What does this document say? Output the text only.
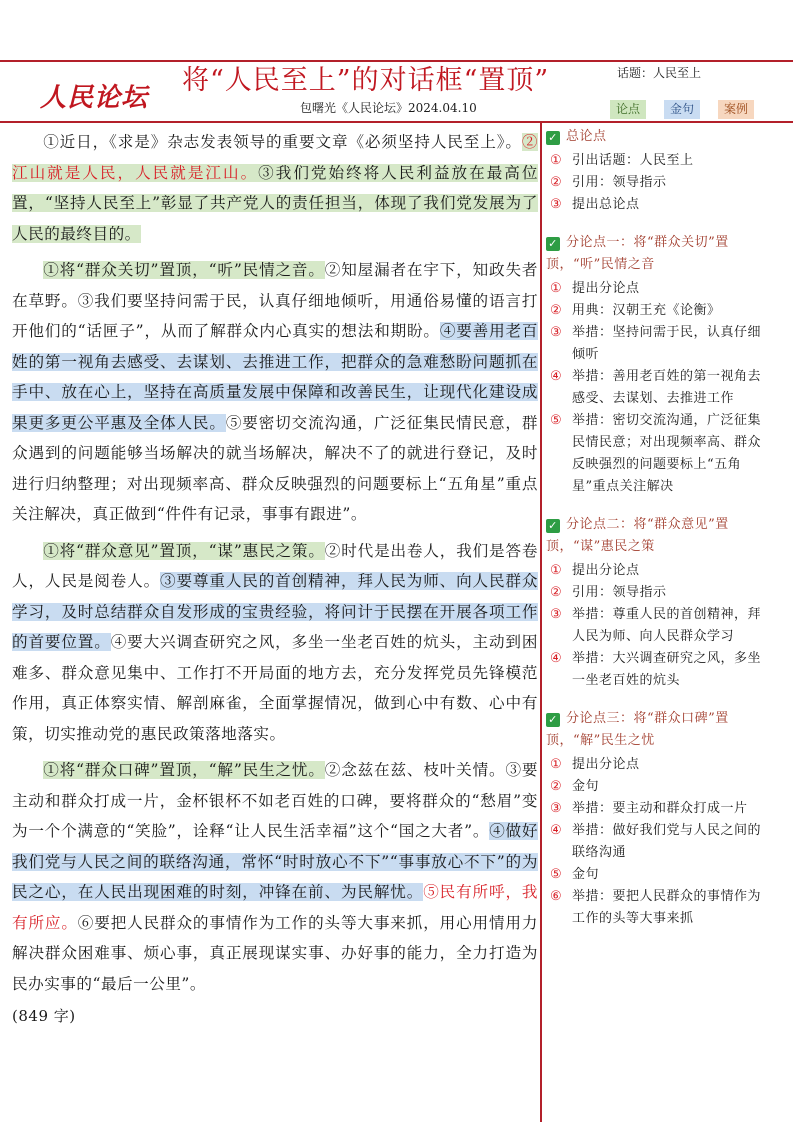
人民论坛
将“人民至上”的对话框“置顶”
包曙光《人民论坛》2024.04.10
话题：人民至上
论点	金句	案例

①近日，《求是》杂志发表领导的重要文章《必须坚持人民至上》。②江山就是人民，人民就是江山。③我们党始终将人民利益放在最高位置，“坚持人民至上”彰显了共产党人的责任担当，体现了我们党发展为了人民的最终目的。

①将“群众关切”置顶，“听”民情之音。②知屋漏者在宇下，知政失者在草野。③我们要坚持问需于民，认真仔细地倾听，用通俗易懂的语言打开他们的“话匣子”，从而了解群众内心真实的想法和期盼。④要善用老百姓的第一视角去感受、去谋划、去推进工作，把群众的急难愁盼问题抓在手中、放在心上，坚持在高质量发展中保障和改善民生，让现代化建设成果更多更公平惠及全体人民。⑤要密切交流沟通，广泛征集民情民意，群众遇到的问题能够当场解决的就当场解决，解决不了的就进行登记，及时进行归纳整理；对出现频率高、群众反映强烈的问题要标上“五角星”重点关注解决，真正做到“件件有记录，事事有跟进”。

①将“群众意见”置顶，“谋”惠民之策。②时代是出卷人，我们是答卷人，人民是阅卷人。③要尊重人民的首创精神，拜人民为师、向人民群众学习，及时总结群众自发形成的宝贵经验，将问计于民摆在开展各项工作的首要位置。④要大兴调查研究之风，多坐一坐老百姓的炕头，主动到困难多、群众意见集中、工作打不开局面的地方去，充分发挥党员先锋模范作用，真正体察实情、解剖麻雀，全面掌握情况，做到心中有数、心中有策，切实推动党的惠民政策落地落实。

①将“群众口碑”置顶，“解”民生之忧。②念兹在兹、枝叶关情。③要主动和群众打成一片，金杯银杯不如老百姓的口碑，要将群众的“愁眉”变为一个个满意的“笑脸”，诠释“让人民生活幸福”这个“国之大者”。④做好我们党与人民之间的联络沟通，常怀“时时放心不下”“事事放心不下”的为民之心，在人民出现困难的时刻，冲锋在前、为民解忧。⑤民有所呼，我有所应。⑥要把人民群众的事情作为工作的头等大事来抓，用心用情用力解决群众困难事、烦心事，真正展现谋实事、办好事的能力，全力打造为民办实事的“最后一公里”。

(849 字)
✓ 总论点
① 引出话题：人民至上
② 引用：领导指示
③ 提出总论点
✓ 分论点一：将“群众关切”置顶，“听”民情之音
① 提出分论点
② 用典：汉朝王充《论衡》
③ 举措：坚持问需于民，认真仔细倾听
④ 举措：善用老百姓的第一视角去感受、去谋划、去推进工作
⑤ 举措：密切交流沟通，广泛征集民情民意；对出现频率高、群众反映强烈的问题要标上“五角星”重点关注解决
✓ 分论点二：将“群众意见”置顶，“谋”惠民之策
① 提出分论点
② 引用：领导指示
③ 举措：尊重人民的首创精神，拜人民为师、向人民群众学习
④ 举措：大兴调查研究之风，多坐一坐老百姓的炕头
✓ 分论点三：将“群众口碑”置顶，“解”民生之忧
① 提出分论点
② 金句
③ 举措：要主动和群众打成一片
④ 举措：做好我们党与人民之间的联络沟通
⑤ 金句
⑥ 举措：要把人民群众的事情作为工作的头等大事来抓
